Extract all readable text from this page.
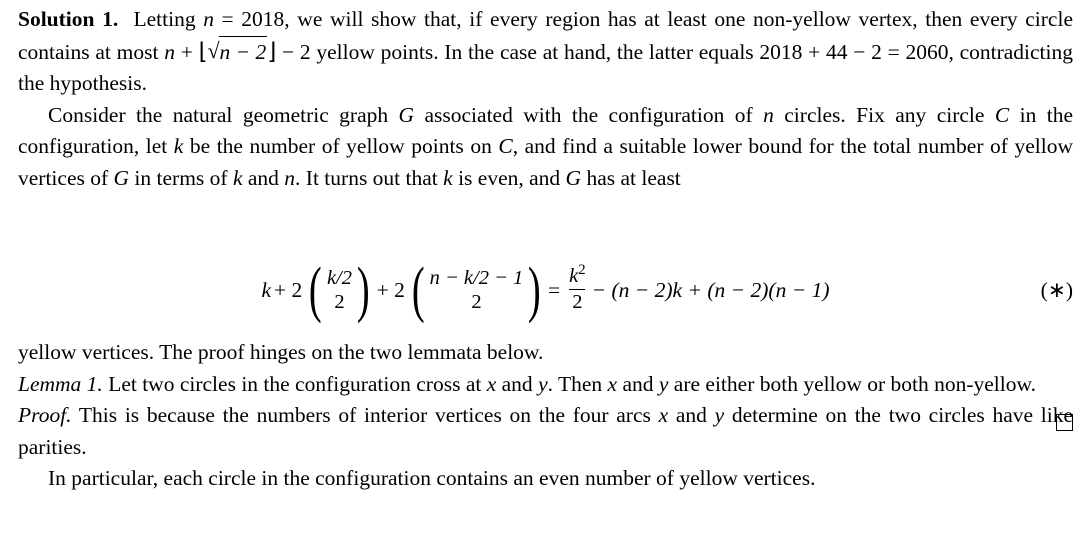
Solution 1. Letting n = 2018, we will show that, if every region has at least one non-yellow vertex, then every circle contains at most n + ⌊ √ n − 2⌋ − 2 yellow points. In the case at hand, the latter equals 2018 + 44 − 2 = 2060, contradicting the hypothesis.

Consider the natural geometric graph G associated with the configuration of n circles. Fix any circle C in the configuration, let k be the number of yellow points on C, and find a suitable lower bound for the total number of yellow vertices of G in terms of k and n. It turns out that k is even, and G has at least

k + 2 ( k/2
2 ) + 2 ( n − k/2 − 1
2 ) = $\frac{k^2}{2} - (n - 2)k + (n - 2)(n - 1)$	(∗)

yellow vertices. The proof hinges on the two lemmata below.

Lemma 1. Let two circles in the configuration cross at x and y. Then x and y are either both yellow or both non-yellow.

Proof. This is because the numbers of interior vertices on the four arcs x and y determine on the two circles have like parities.

In particular, each circle in the configuration contains an even number of yellow vertices.
